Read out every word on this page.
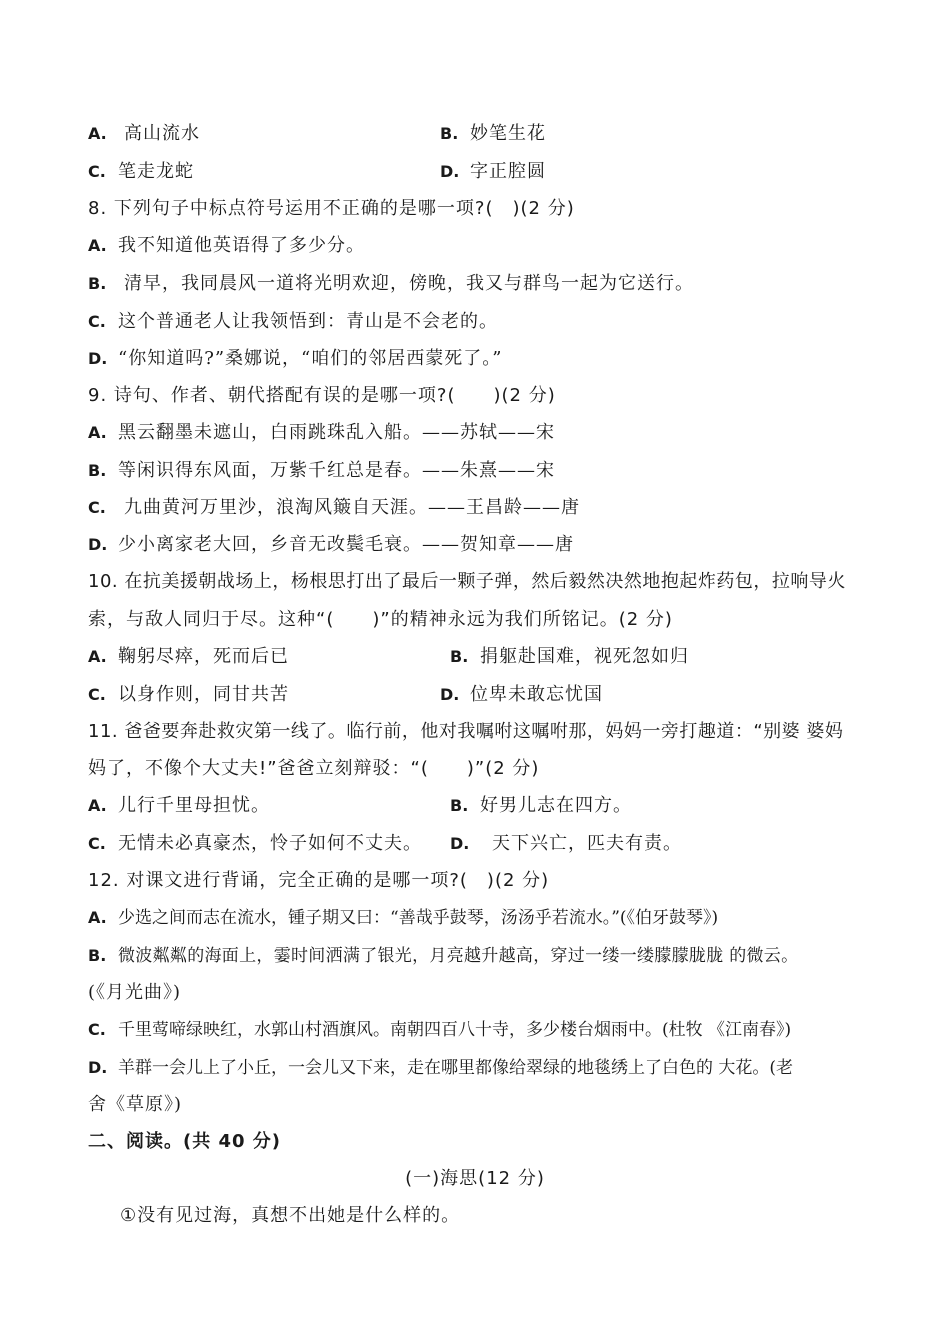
A. 高山流水	B. 妙笔生花
C. 笔走龙蛇	D. 字正腔圆
8. 下列句子中标点符号运用不正确的是哪一项?(　)(2 分)
A. 我不知道他英语得了多少分。
B. 清早，我同晨风一道将光明欢迎，傍晚，我又与群鸟一起为它送行。
C. 这个普通老人让我领悟到：青山是不会老的。
D. “你知道吗?”桑娜说，“咱们的邻居西蒙死了。”
9. 诗句、作者、朝代搭配有误的是哪一项?(　　)(2 分)
A. 黑云翻墨未遮山，白雨跳珠乱入船。——苏轼——宋
B. 等闲识得东风面，万紫千红总是春。——朱熹——宋
C. 九曲黄河万里沙，浪淘风簸自天涯。——王昌龄——唐
D. 少小离家老大回，乡音无改鬓毛衰。——贺知章——唐
10. 在抗美援朝战场上，杨根思打出了最后一颗子弹，然后毅然决然地抱起炸药包，拉响导火
索，与敌人同归于尽。这种“(　　)”的精神永远为我们所铭记。(2 分)
A. 鞠躬尽瘁，死而后已	B. 捐躯赴国难，视死忽如归
C. 以身作则，同甘共苦	D. 位卑未敢忘忧国
11. 爸爸要奔赴救灾第一线了。临行前，他对我嘱咐这嘱咐那，妈妈一旁打趣道：“别婆 婆妈
妈了，不像个大丈夫!”爸爸立刻辩驳：“(　　)”(2 分)
A. 儿行千里母担忧。	B. 好男儿志在四方。
C. 无情未必真豪杰，怜子如何不丈夫。 D. 天下兴亡，匹夫有责。
12. 对课文进行背诵，完全正确的是哪一项?(　)(2 分)
A. 少选之间而志在流水，锺子期又曰：“善哉乎鼓琴，汤汤乎若流水。”(《伯牙鼓琴》)
B. 微波粼粼的海面上，霎时间洒满了银光，月亮越升越高，穿过一缕一缕朦朦胧胧 的微云。
(《月光曲》)
C. 千里莺啼绿映红，水郭山村酒旗风。南朝四百八十寺，多少楼台烟雨中。(杜牧 《江南春》)
D. 羊群一会儿上了小丘，一会儿又下来，走在哪里都像给翠绿的地毯绣上了白色的 大花。(老
舍《草原》)
二、阅读。(共 40 分)
(一)海思(12 分)
①没有见过海，真想不出她是什么样的。
